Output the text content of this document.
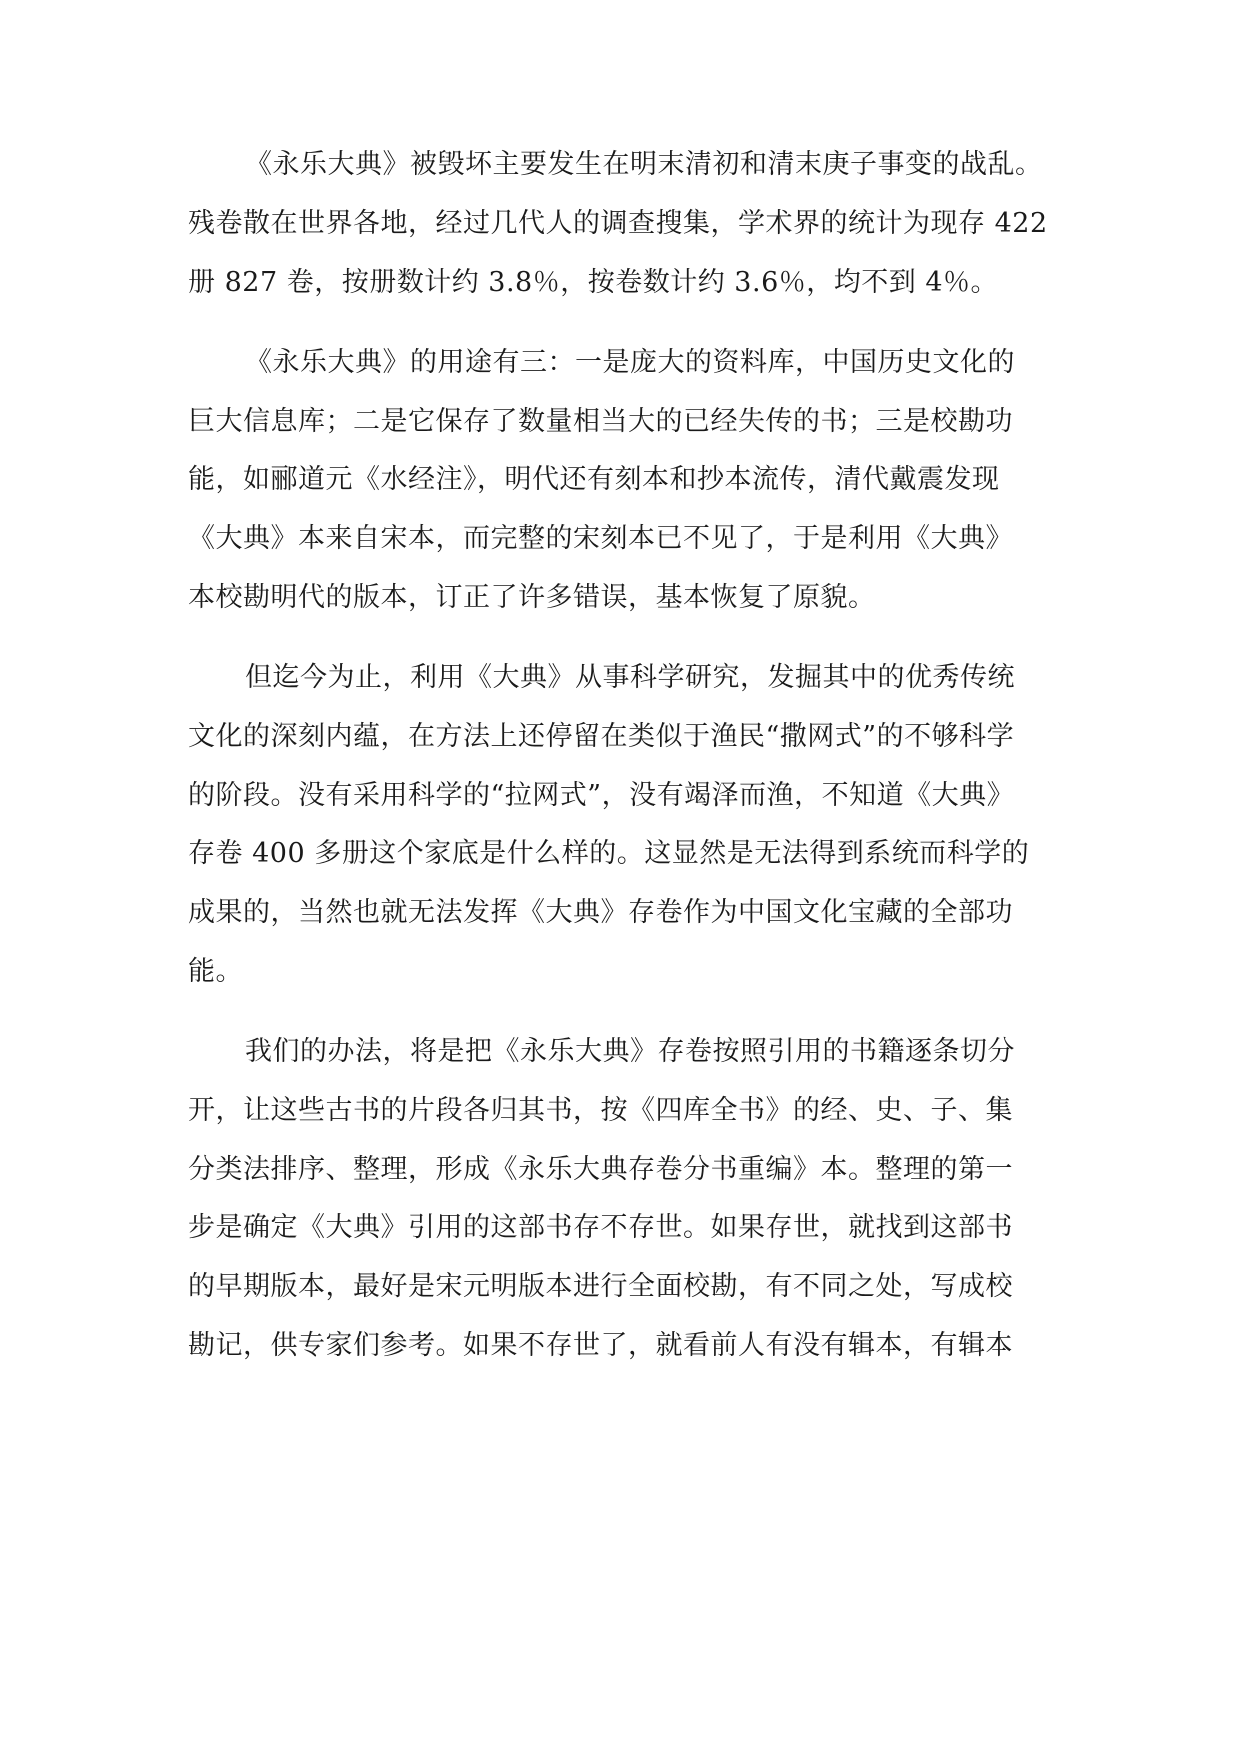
《永乐大典》被毁坏主要发生在明末清初和清末庚子事变的战乱。
残卷散在世界各地，经过几代人的调查搜集，学术界的统计为现存 422
册 827 卷，按册数计约 3.8％，按卷数计约 3.6％，均不到 4％。
《永乐大典》的用途有三：一是庞大的资料库，中国历史文化的
巨大信息库；二是它保存了数量相当大的已经失传的书；三是校勘功
能，如郦道元《水经注》，明代还有刻本和抄本流传，清代戴震发现
《大典》本来自宋本，而完整的宋刻本已不见了，于是利用《大典》
本校勘明代的版本，订正了许多错误，基本恢复了原貌。
但迄今为止，利用《大典》从事科学研究，发掘其中的优秀传统
文化的深刻内蕴，在方法上还停留在类似于渔民“撒网式”的不够科学
的阶段。没有采用科学的“拉网式”，没有竭泽而渔，不知道《大典》
存卷 400 多册这个家底是什么样的。这显然是无法得到系统而科学的
成果的，当然也就无法发挥《大典》存卷作为中国文化宝藏的全部功
能。
我们的办法，将是把《永乐大典》存卷按照引用的书籍逐条切分
开，让这些古书的片段各归其书，按《四库全书》的经、史、子、集
分类法排序、整理，形成《永乐大典存卷分书重编》本。整理的第一
步是确定《大典》引用的这部书存不存世。如果存世，就找到这部书
的早期版本，最好是宋元明版本进行全面校勘，有不同之处，写成校
勘记，供专家们参考。如果不存世了，就看前人有没有辑本，有辑本
